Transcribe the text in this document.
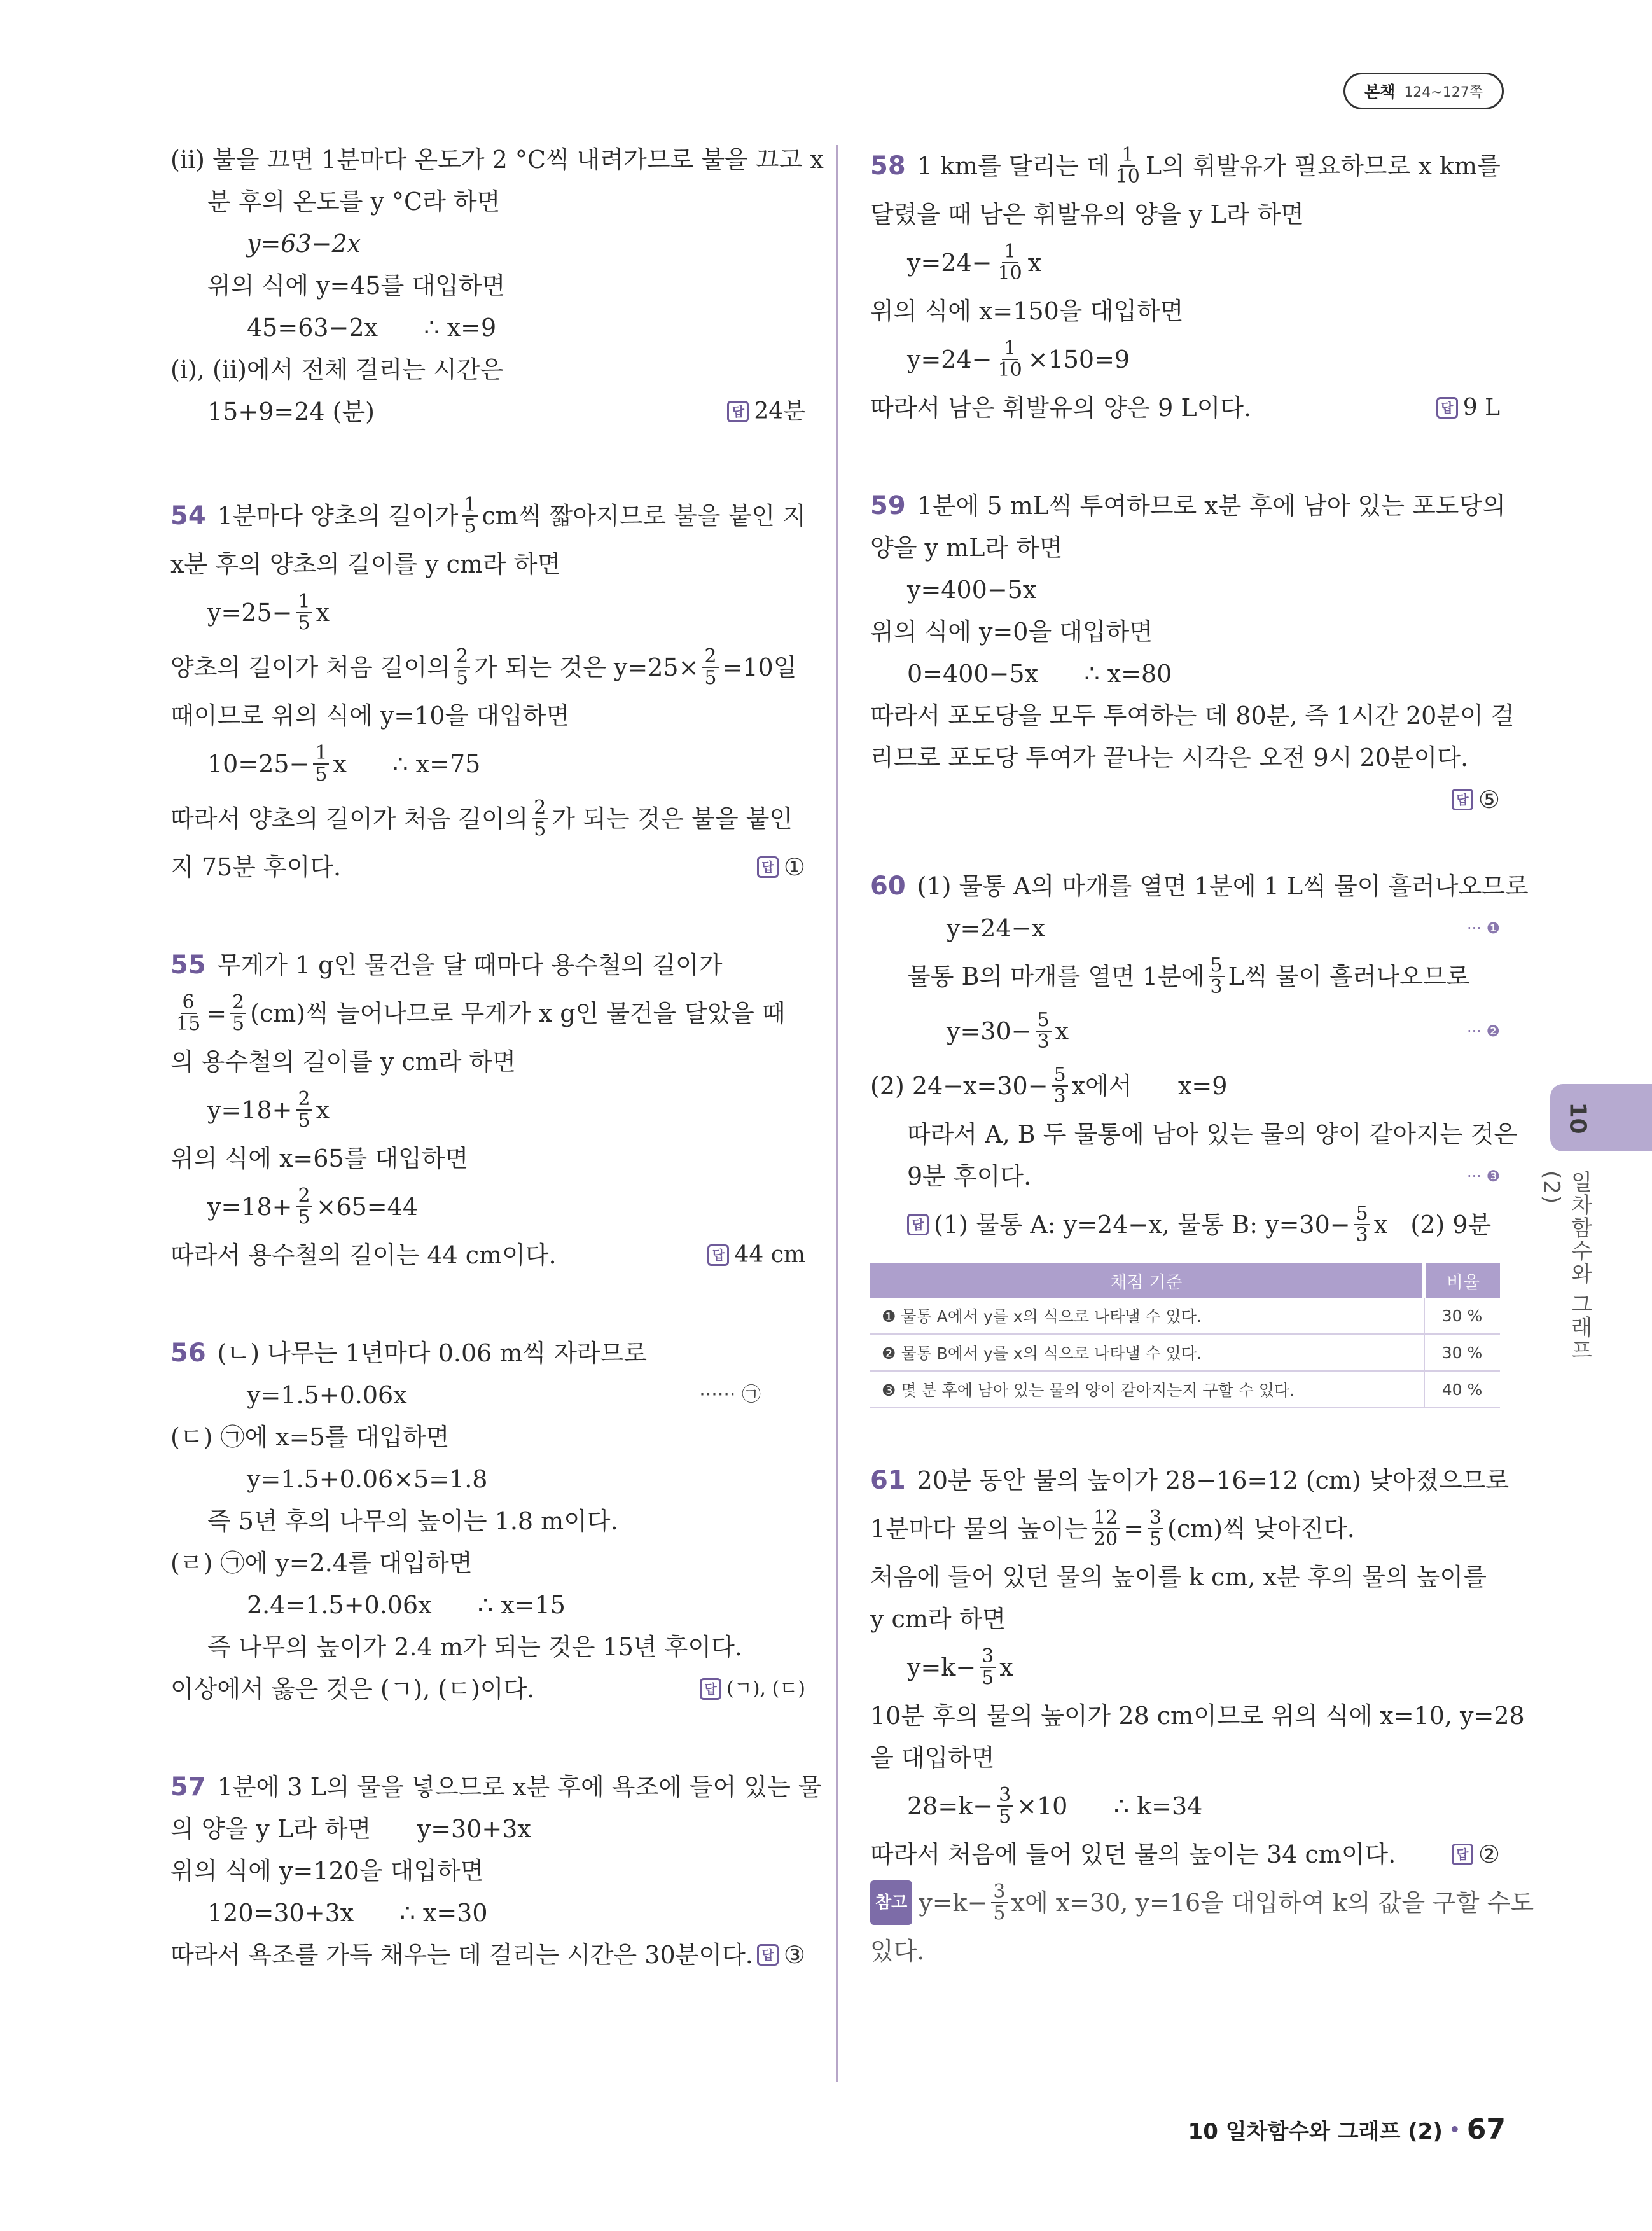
본책 124~127쪽
(ⅱ) 불을 끄면 1분마다 온도가 2 °C씩 내려가므로 불을 끄고 x
분 후의 온도를 y °C라 하면
y=63−2x
위의 식에 y=45를 대입하면
45=63−2x      ∴ x=9
(ⅰ), (ⅱ)에서 전체 걸리는 시간은
15+9=24 (분)	답 24분
54 1분마다 양초의 길이가 $\frac{1}{5}$ cm씩 짧아지므로 불을 붙인 지
x분 후의 양초의 길이를 y cm라 하면
$y=25- \frac{1}{5}$ x
양초의 길이가 처음 길이의 $\frac{2}{5}$ 가 되는 것은 $y=25\times \frac{2}{5} =10$일
때이므로 위의 식에 y=10을 대입하면
$10=25- \frac{1}{5}$ x      ∴ x=75
따라서 양초의 길이가 처음 길이의 $\frac{2}{5}$ 가 되는 것은 불을 붙인
지 75분 후이다.	답 ①
55 무게가 1 g인 물건을 달 때마다 용수철의 길이가
$\frac{6}{15} = \frac{2}{5} (cm)$씩 늘어나므로 무게가 x g인 물건을 달았을 때
의 용수철의 길이를 y cm라 하면
$y=18+ \frac{2}{5}$ x
위의 식에 x=65를 대입하면
$y=18+ \frac{2}{5} \times 65=44$
따라서 용수철의 길이는 44 cm이다.	답 44 cm
56 (ㄴ) 나무는 1년마다 0.06 m씩 자라므로
y=1.5+0.06x	······ ㉠
(ㄷ) ㉠에 x=5를 대입하면
y=1.5+0.06×5=1.8
즉 5년 후의 나무의 높이는 1.8 m이다.
(ㄹ) ㉠에 y=2.4를 대입하면
2.4=1.5+0.06x      ∴ x=15
즉 나무의 높이가 2.4 m가 되는 것은 15년 후이다.
이상에서 옳은 것은 (ㄱ), (ㄷ)이다.	답 (ㄱ), (ㄷ)
57 1분에 3 L의 물을 넣으므로 x분 후에 욕조에 들어 있는 물
의 양을 y L라 하면      y=30+3x
위의 식에 y=120을 대입하면
120=30+3x      ∴ x=30
따라서 욕조를 가득 채우는 데 걸리는 시간은 30분이다. 답 ③
58 1 km를 달리는 데 $\frac{1}{10}$ L의 휘발유가 필요하므로 x km를
달렸을 때 남은 휘발유의 양을 y L라 하면
$y=24- \frac{1}{10}$ x
위의 식에 x=150을 대입하면
$y=24- \frac{1}{10} \times 150=9$
따라서 남은 휘발유의 양은 9 L이다.	답 9 L
59 1분에 5 mL씩 투여하므로 x분 후에 남아 있는 포도당의
양을 y mL라 하면
y=400−5x
위의 식에 y=0을 대입하면
0=400−5x      ∴ x=80
따라서 포도당을 모두 투여하는 데 80분, 즉 1시간 20분이 걸
리므로 포도당 투여가 끝나는 시각은 오전 9시 20분이다.
답 ⑤
60 (1) 물통 A의 마개를 열면 1분에 1 L씩 물이 흘러나오므로
y=24−x	··· ❶
물통 B의 마개를 열면 1분에 $\frac{5}{3}$ L씩 물이 흘러나오므로
$y=30- \frac{5}{3}$ x	··· ❷
(2) $24-x=30- \frac{5}{3}$ x에서      x=9
따라서 A, B 두 물통에 남아 있는 물의 양이 같아지는 것은
9분 후이다.	··· ❸
답 (1) 물통 A: y=24−x, 물통 B: $y=30- \frac{5}{3}$ x   (2) 9분
채점 기준	비율
❶ 물통 A에서 y를 x의 식으로 나타낼 수 있다.	30 %
❷ 물통 B에서 y를 x의 식으로 나타낼 수 있다.	30 %
❸ 몇 분 후에 남아 있는 물의 양이 같아지는지 구할 수 있다.	40 %
61 20분 동안 물의 높이가 28−16=12 (cm) 낮아졌으므로
1분마다 물의 높이는 $\frac{12}{20} = \frac{3}{5} (cm)$씩 낮아진다.
처음에 들어 있던 물의 높이를 k cm, x분 후의 물의 높이를
y cm라 하면
$y=k- \frac{3}{5}$ x
10분 후의 물의 높이가 28 cm이므로 위의 식에 x=10, y=28
을 대입하면
$28=k- \frac{3}{5} \times 10$      ∴ k=34
따라서 처음에 들어 있던 물의 높이는 34 cm이다.	답 ②
참고 $y=k- \frac{3}{5}$ x에 x=30, y=16을 대입하여 k의 값을 구할 수도
있다.
10
일차함수와 그래프 (2)
10 일차함수와 그래프 (2) • 67
